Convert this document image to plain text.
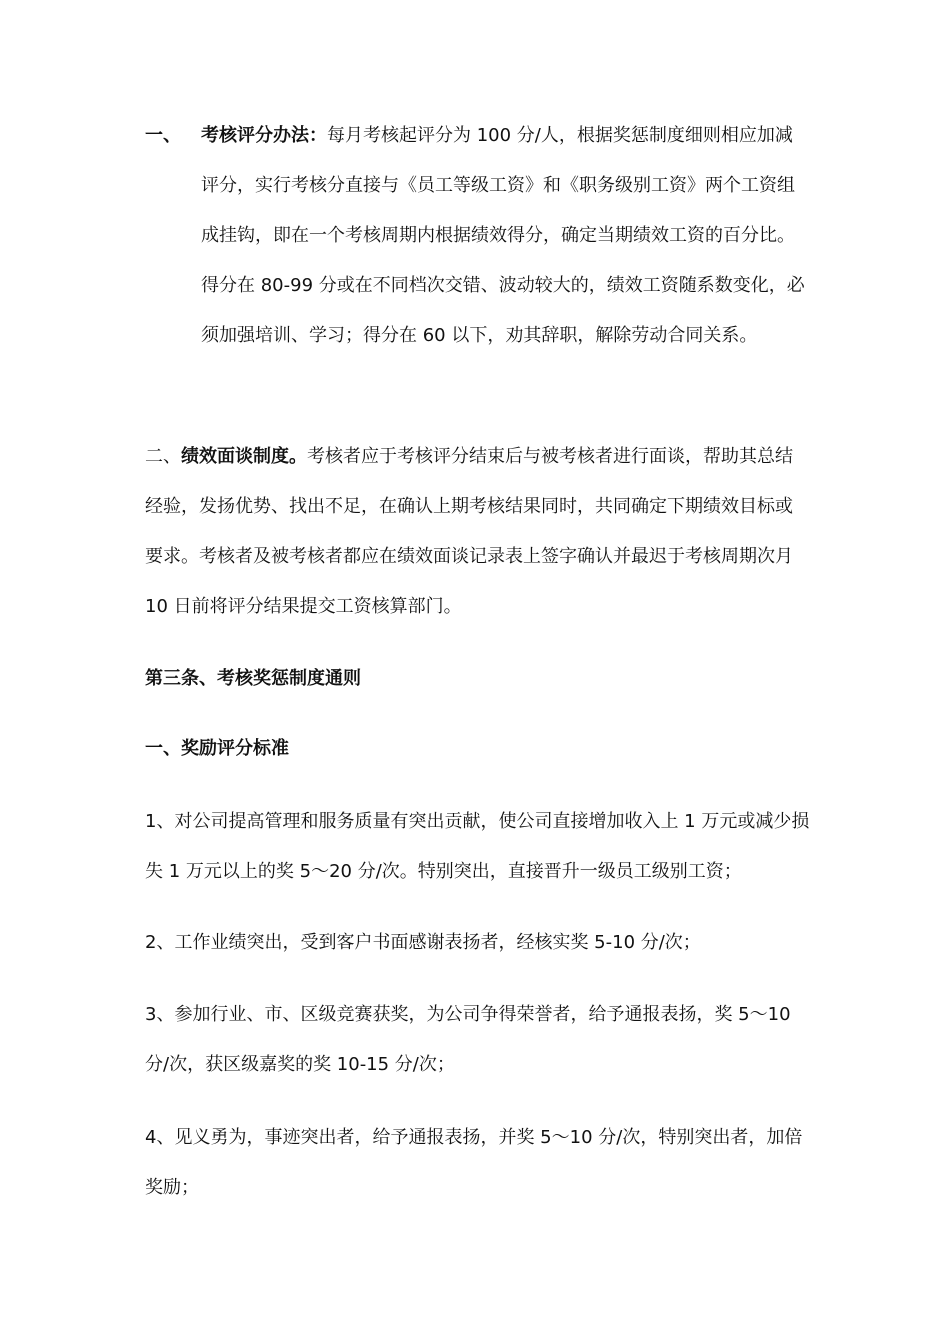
一、 考核评分办法：每月考核起评分为 100 分/人，根据奖惩制度细则相应加减评分，实行考核分直接与《员工等级工资》和《职务级别工资》两个工资组成挂钩，即在一个考核周期内根据绩效得分，确定当期绩效工资的百分比。得分在 80-99 分或在不同档次交错、波动较大的，绩效工资随系数变化，必须加强培训、学习；得分在 60 以下，劝其辞职，解除劳动合同关系。

二、绩效面谈制度。考核者应于考核评分结束后与被考核者进行面谈，帮助其总结经验，发扬优势、找出不足，在确认上期考核结果同时，共同确定下期绩效目标或要求。考核者及被考核者都应在绩效面谈记录表上签字确认并最迟于考核周期次月 10 日前将评分结果提交工资核算部门。

第三条、考核奖惩制度通则

一、奖励评分标准

1、对公司提高管理和服务质量有突出贡献，使公司直接增加收入上 1 万元或减少损失 1 万元以上的奖 5～20 分/次。特别突出，直接晋升一级员工级别工资；

2、工作业绩突出，受到客户书面感谢表扬者，经核实奖 5-10 分/次；

3、参加行业、市、区级竞赛获奖，为公司争得荣誉者，给予通报表扬，奖 5～10 分/次，获区级嘉奖的奖 10-15 分/次；

4、见义勇为，事迹突出者，给予通报表扬，并奖 5～10 分/次，特别突出者，加倍奖励；
